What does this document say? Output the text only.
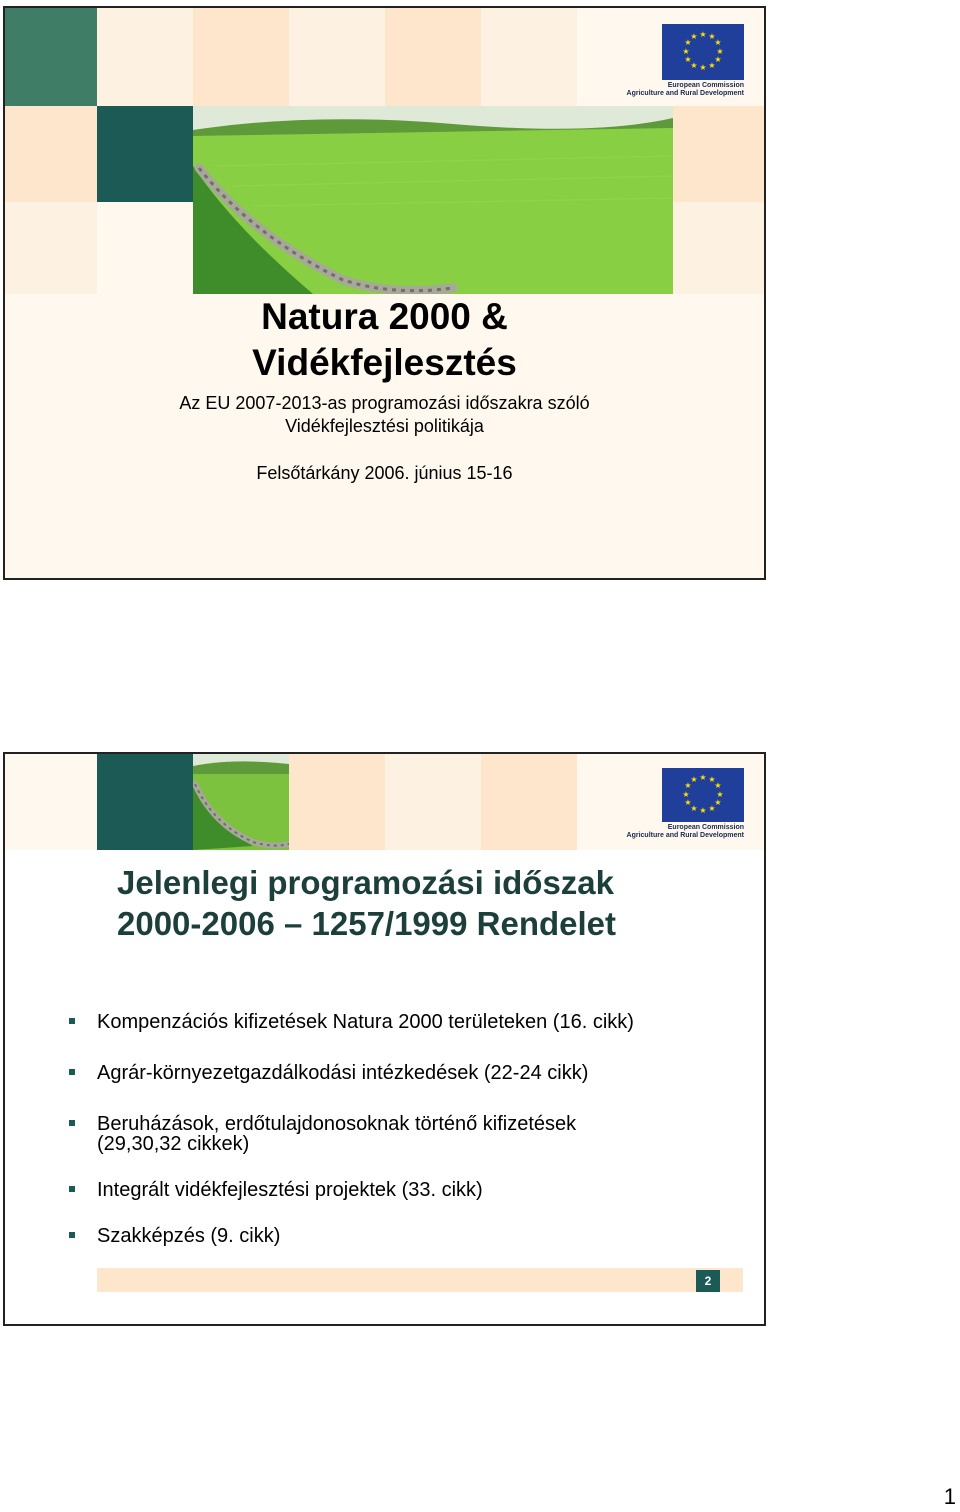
★ ★
★
★
★
★
★
★
★
★
★
★
European Commission
Agriculture and Rural Development
Natura 2000 &
Vidékfejlesztés
Az EU 2007-2013-as programozási időszakra szóló
Vidékfejlesztési politikája
Felsőtárkány 2006. június 15-16
★ ★
★
★
★
★
★
★
★
★
★
★
European Commission
Agriculture and Rural Development
Jelenlegi programozási időszak
2000-2006 – 1257/1999 Rendelet
Kompenzációs kifizetések Natura 2000 területeken (16. cikk)
Agrár-környezetgazdálkodási intézkedések (22-24 cikk)
Beruházások, erdőtulajdonosoknak történő kifizetések
(29,30,32 cikkek)
Integrált vidékfejlesztési projektek (33. cikk)
Szakképzés (9. cikk)
2
1
